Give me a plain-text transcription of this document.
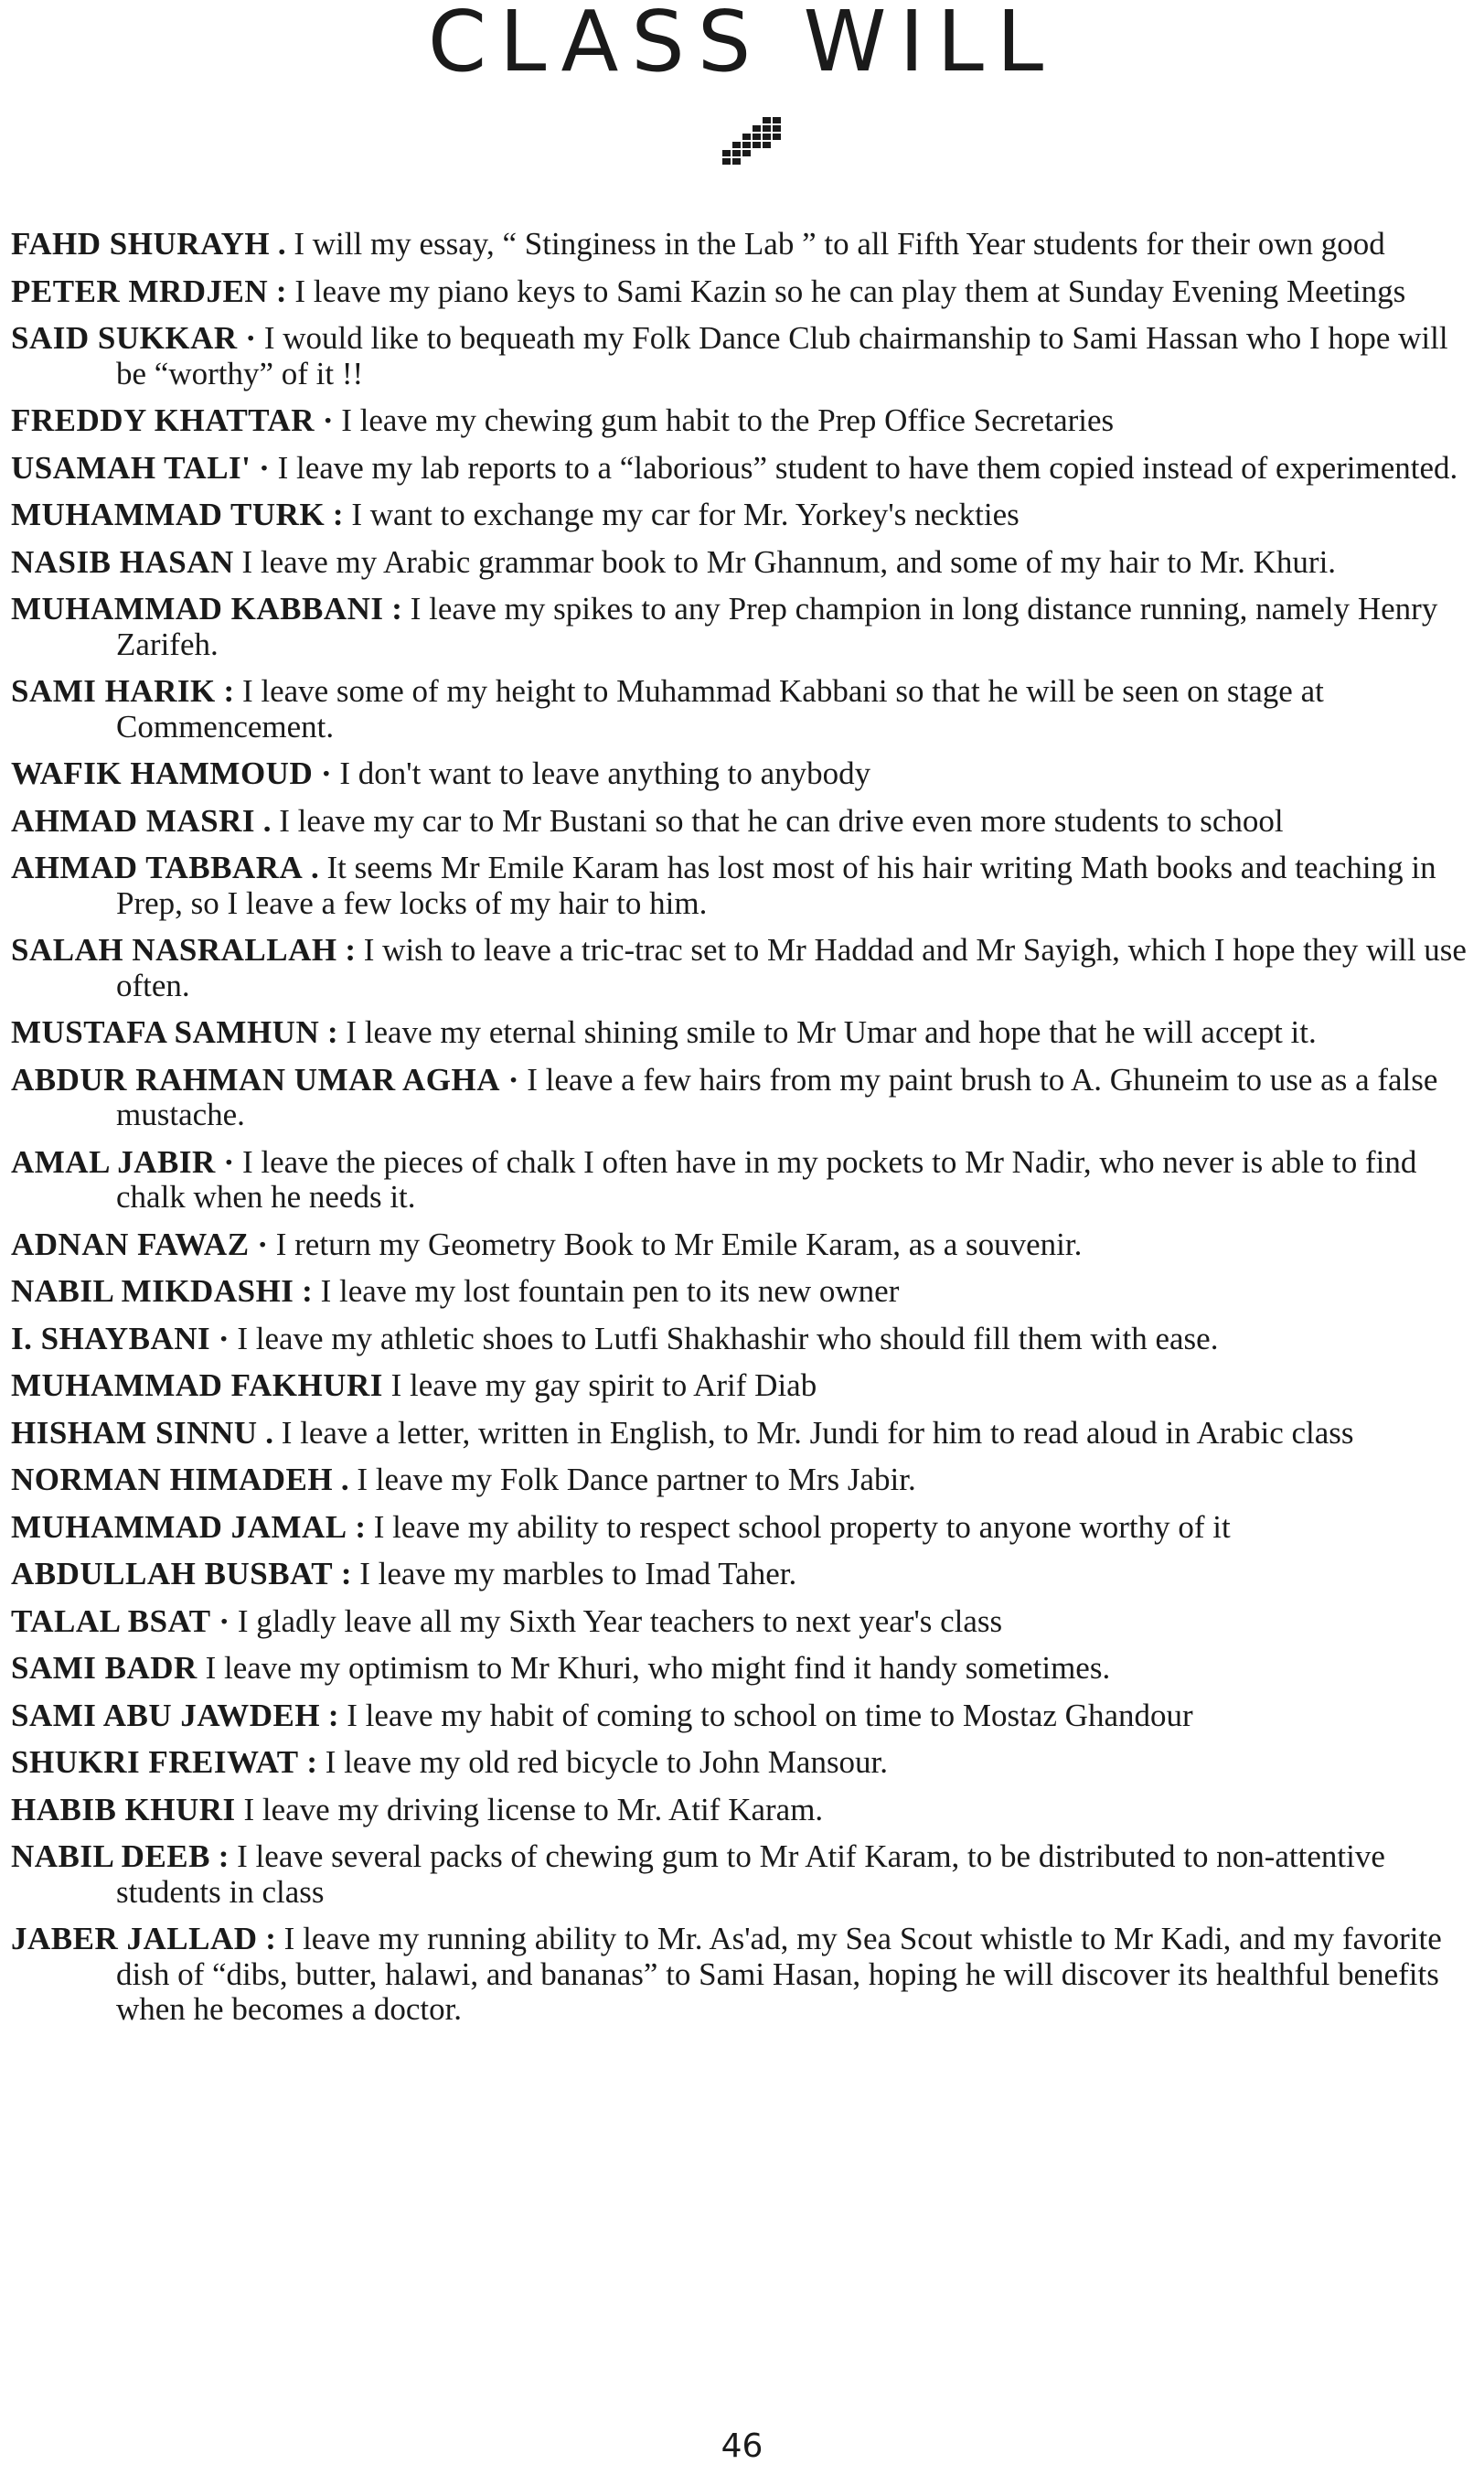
CLASS WILL

FAHD SHURAYH . I will my essay, “ Stinginess in the Lab ” to all Fifth Year students for their own good

PETER MRDJEN : I leave my piano keys to Sami Kazin so he can play them at Sunday Evening Meetings

SAID SUKKAR · I would like to bequeath my Folk Dance Club chairmanship to Sami Hassan who I hope will be “worthy” of it !!

FREDDY KHATTAR · I leave my chewing gum habit to the Prep Office Secretaries

USAMAH TALI' · I leave my lab reports to a “laborious” student to have them copied instead of experimented.

MUHAMMAD TURK : I want to exchange my car for Mr. Yorkey's neckties

NASIB HASAN I leave my Arabic grammar book to Mr Ghannum, and some of my hair to Mr. Khuri.

MUHAMMAD KABBANI : I leave my spikes to any Prep champion in long distance running, namely Henry Zarifeh.

SAMI HARIK : I leave some of my height to Muhammad Kabbani so that he will be seen on stage at Commencement.

WAFIK HAMMOUD · I don't want to leave anything to anybody

AHMAD MASRI . I leave my car to Mr Bustani so that he can drive even more students to school

AHMAD TABBARA . It seems Mr Emile Karam has lost most of his hair writing Math books and teaching in Prep, so I leave a few locks of my hair to him.

SALAH NASRALLAH : I wish to leave a tric-trac set to Mr Haddad and Mr Sayigh, which I hope they will use often.

MUSTAFA SAMHUN : I leave my eternal shining smile to Mr Umar and hope that he will accept it.

ABDUR RAHMAN UMAR AGHA · I leave a few hairs from my paint brush to A. Ghuneim to use as a false mustache.

AMAL JABIR · I leave the pieces of chalk I often have in my pockets to Mr Nadir, who never is able to find chalk when he needs it.

ADNAN FAWAZ · I return my Geometry Book to Mr Emile Karam, as a souvenir.

NABIL MIKDASHI : I leave my lost fountain pen to its new owner

I. SHAYBANI · I leave my athletic shoes to Lutfi Shakhashir who should fill them with ease.

MUHAMMAD FAKHURI I leave my gay spirit to Arif Diab

HISHAM SINNU . I leave a letter, written in English, to Mr. Jundi for him to read aloud in Arabic class

NORMAN HIMADEH . I leave my Folk Dance partner to Mrs Jabir.

MUHAMMAD JAMAL : I leave my ability to respect school property to anyone worthy of it

ABDULLAH BUSBAT : I leave my marbles to Imad Taher.

TALAL BSAT · I gladly leave all my Sixth Year teachers to next year's class

SAMI BADR I leave my optimism to Mr Khuri, who might find it handy sometimes.

SAMI ABU JAWDEH : I leave my habit of coming to school on time to Mostaz Ghandour

SHUKRI FREIWAT : I leave my old red bicycle to John Mansour.

HABIB KHURI I leave my driving license to Mr. Atif Karam.

NABIL DEEB : I leave several packs of chewing gum to Mr Atif Karam, to be distributed to non-attentive students in class

JABER JALLAD : I leave my running ability to Mr. As'ad, my Sea Scout whistle to Mr Kadi, and my favorite dish of “dibs, butter, halawi, and bananas” to Sami Hasan, hoping he will discover its healthful benefits when he becomes a doctor.

46
